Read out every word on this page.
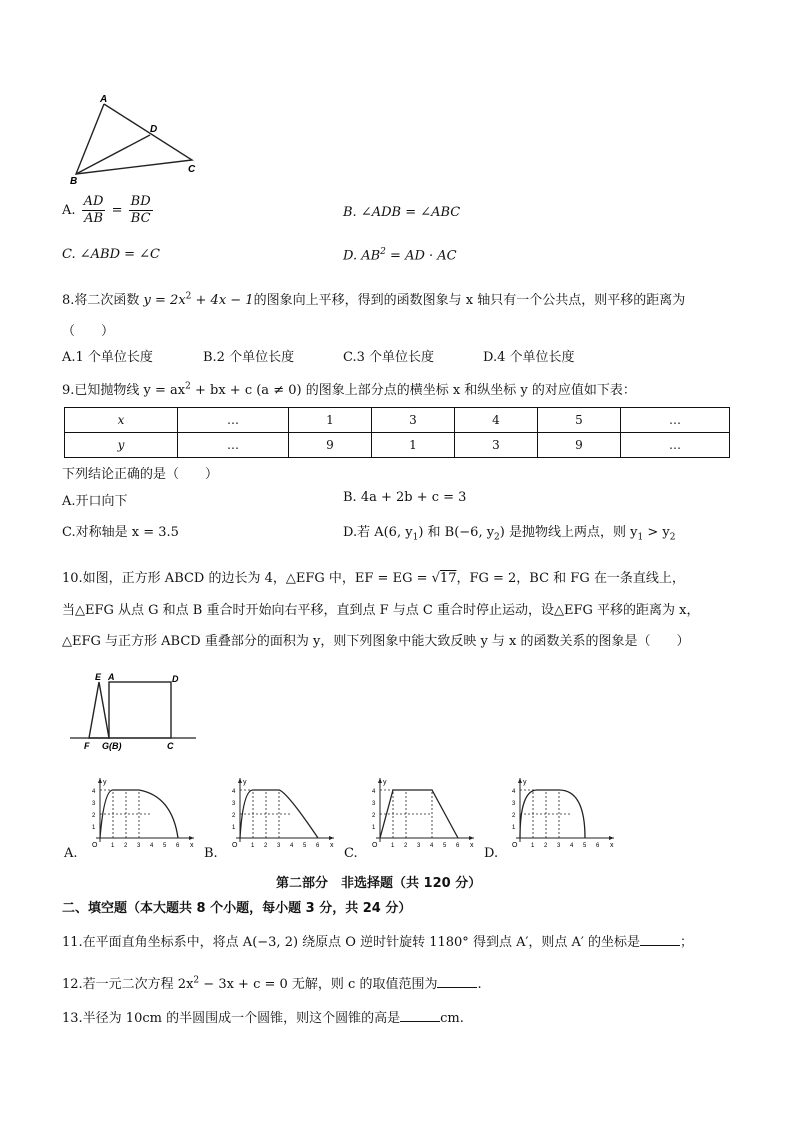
A
D
B
C
A. $\frac{AD}{AB} = \frac{BD}{BC}$	B. ∠ADB = ∠ABC
C. ∠ABD = ∠C	D. $AB^2$ = AD · AC
8.将二次函数 $y = 2x^2 + 4x - 1$的图象向上平移，得到的函数图象与 x 轴只有一个公共点，则平移的距离为
（　　）
A.1 个单位长度	B.2 个单位长度	C.3 个单位长度	D.4 个单位长度
9.已知抛物线 $y = ax^2$ + bx + c (a ≠ 0) 的图象上部分点的横坐标 x 和纵坐标 y 的对应值如下表：
x	…	1	3	4	5	…
y	…	9	1	3	9	…
下列结论正确的是（　　）
A.开口向下	B. 4a + 2b + c = 3
C.对称轴是 x = 3.5	D.若 A(6, $y_1$) 和 B(−6, $y_2$) 是抛物线上两点，则 $y_1 > y_2$
10.如图，正方形 ABCD 的边长为 4，△EFG 中，EF = EG = √17，FG = 2，BC 和 FG 在一条直线上，
当△EFG 从点 G 和点 B 重合时开始向右平移，直到点 F 与点 C 重合时停止运动，设△EFG 平移的距离为 x，
△EFG 与正方形 ABCD 重叠部分的面积为 y，则下列图象中能大致反映 y 与 x 的函数关系的图象是（　　）
E A	D
F G(B)	C
第二部分　非选择题（共 120 分）
二、填空题（本大题共 8 个小题，每小题 3 分，共 24 分）
11.在平面直角坐标系中，将点 A(−3, 2) 绕原点 O 逆时针旋转 1180° 得到点 A′，则点 A′ 的坐标是	；
12.若一元二次方程 $2x^2 - 3x + c = 0$ 无解，则 c 的取值范围为	.
13.半径为 10cm 的半圆围成一个圆锥，则这个圆锥的高是	cm.
A.
y
x
O 1 2 3 4 5 6
1
2
3
4
B.
y
x
O 1 2 3 4 5 6
1
2
3
4
C.
y
x
O 1 2 3 4 5 6
1
2
3
4
D.
y
x
O 1 2 3 4 5 6
1
2
3
4
